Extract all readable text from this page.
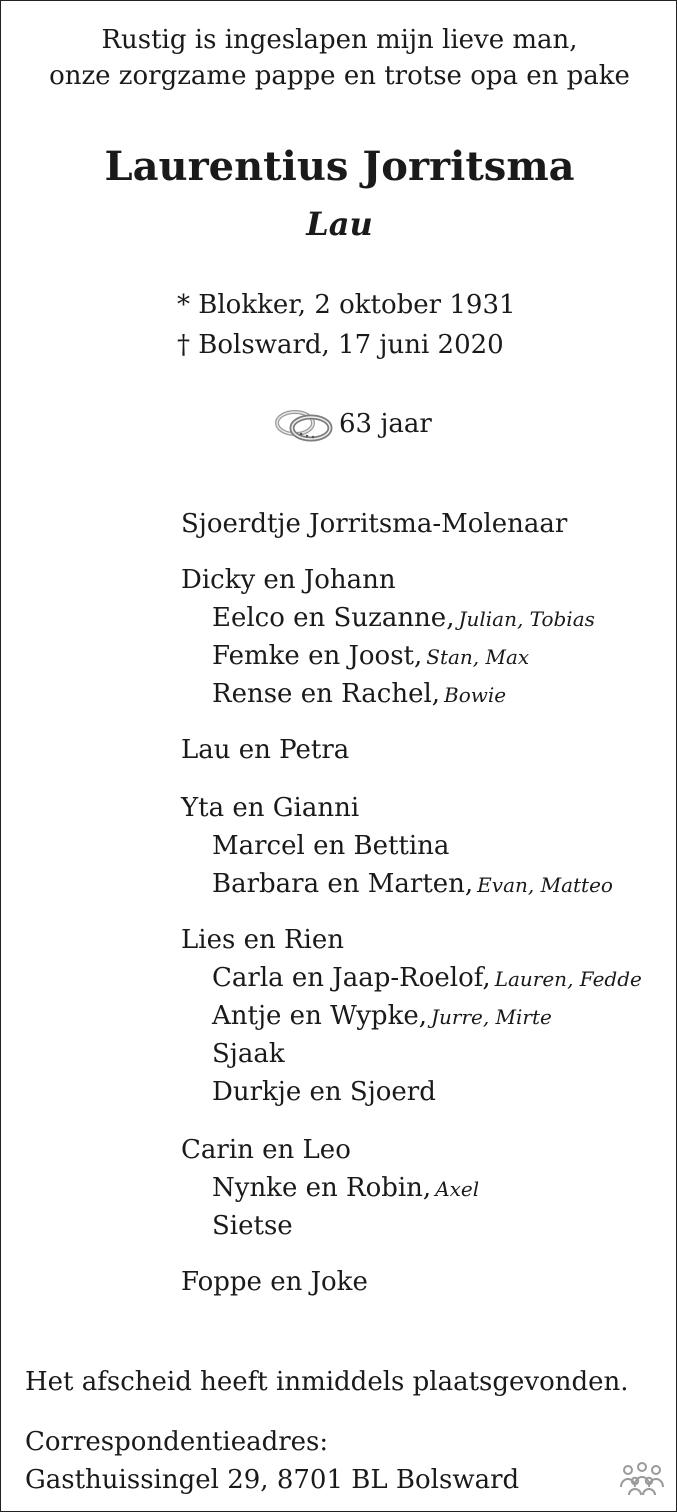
Rustig is ingeslapen mijn lieve man,
onze zorgzame pappe en trotse opa en pake
Laurentius Jorritsma
Lau
* Blokker, 2 oktober 1931
† Bolsward, 17 juni 2020
63 jaar
Sjoerdtje Jorritsma-Molenaar
Dicky en Johann
Eelco en Suzanne, Julian, Tobias
Femke en Joost, Stan, Max
Rense en Rachel, Bowie
Lau en Petra
Yta en Gianni
Marcel en Bettina
Barbara en Marten, Evan, Matteo
Lies en Rien
Carla en Jaap-Roelof, Lauren, Fedde
Antje en Wypke, Jurre, Mirte
Sjaak
Durkje en Sjoerd
Carin en Leo
Nynke en Robin, Axel
Sietse
Foppe en Joke
Het afscheid heeft inmiddels plaatsgevonden.
Correspondentieadres:
Gasthuissingel 29, 8701 BL Bolsward
